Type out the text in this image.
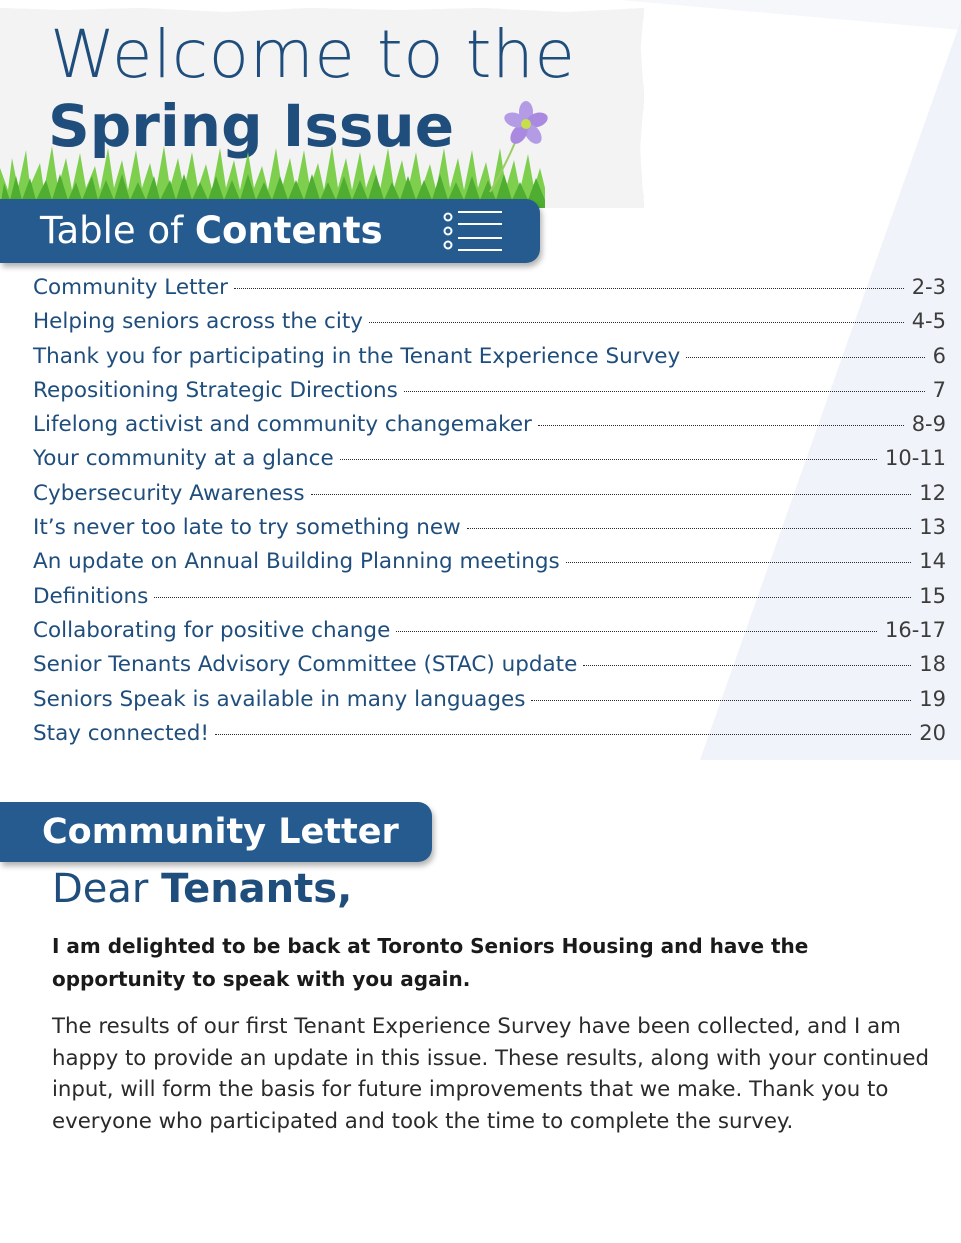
Welcome to the
Spring Issue
Table of Contents
Community Letter	2-3
Helping seniors across the city	4-5
Thank you for participating in the Tenant Experience Survey	6
Repositioning Strategic Directions	7
Lifelong activist and community changemaker	8-9
Your community at a glance	10-11
Cybersecurity Awareness	12
It’s never too late to try something new	13
An update on Annual Building Planning meetings	14
Definitions	15
Collaborating for positive change	16-17
Senior Tenants Advisory Committee (STAC) update	18
Seniors Speak is available in many languages	19
Stay connected!	20
Community Letter
Dear Tenants,
I am delighted to be back at Toronto Seniors Housing and have the opportunity to speak with you again.
The results of our first Tenant Experience Survey have been collected, and I am happy to provide an update in this issue. These results, along with your continued input, will form the basis for future improvements that we make. Thank you to everyone who participated and took the time to complete the survey.
